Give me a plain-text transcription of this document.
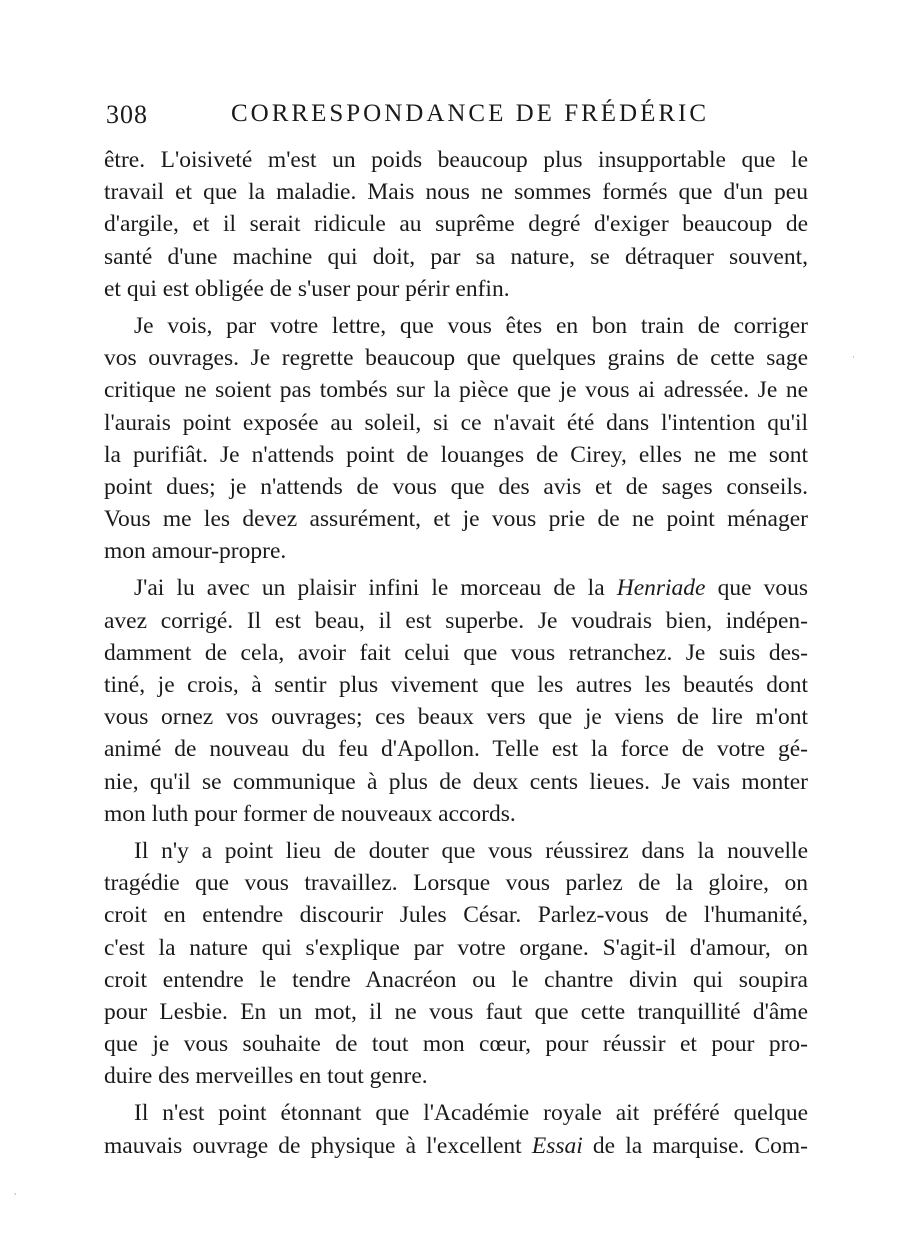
308	CORRESPONDANCE DE FRÉDÉRIC
être. L'oisiveté m'est un poids beaucoup plus insupportable que le
travail et que la maladie. Mais nous ne sommes formés que d'un peu
d'argile, et il serait ridicule au suprême degré d'exiger beaucoup de
santé d'une machine qui doit, par sa nature, se détraquer souvent,
et qui est obligée de s'user pour périr enfin.
Je vois, par votre lettre, que vous êtes en bon train de corriger
vos ouvrages. Je regrette beaucoup que quelques grains de cette sage
critique ne soient pas tombés sur la pièce que je vous ai adressée. Je ne
l'aurais point exposée au soleil, si ce n'avait été dans l'intention qu'il
la purifiât. Je n'attends point de louanges de Cirey, elles ne me sont
point dues; je n'attends de vous que des avis et de sages conseils.
Vous me les devez assurément, et je vous prie de ne point ménager
mon amour-propre.
J'ai lu avec un plaisir infini le morceau de la Henriade que vous
avez corrigé. Il est beau, il est superbe. Je voudrais bien, indépen-
damment de cela, avoir fait celui que vous retranchez. Je suis des-
tiné, je crois, à sentir plus vivement que les autres les beautés dont
vous ornez vos ouvrages; ces beaux vers que je viens de lire m'ont
animé de nouveau du feu d'Apollon. Telle est la force de votre gé-
nie, qu'il se communique à plus de deux cents lieues. Je vais monter
mon luth pour former de nouveaux accords.
Il n'y a point lieu de douter que vous réussirez dans la nouvelle
tragédie que vous travaillez. Lorsque vous parlez de la gloire, on
croit en entendre discourir Jules César. Parlez-vous de l'humanité,
c'est la nature qui s'explique par votre organe. S'agit-il d'amour, on
croit entendre le tendre Anacréon ou le chantre divin qui soupira
pour Lesbie. En un mot, il ne vous faut que cette tranquillité d'âme
que je vous souhaite de tout mon cœur, pour réussir et pour pro-
duire des merveilles en tout genre.
Il n'est point étonnant que l'Académie royale ait préféré quelque
mauvais ouvrage de physique à l'excellent Essai de la marquise. Com-
·
,
